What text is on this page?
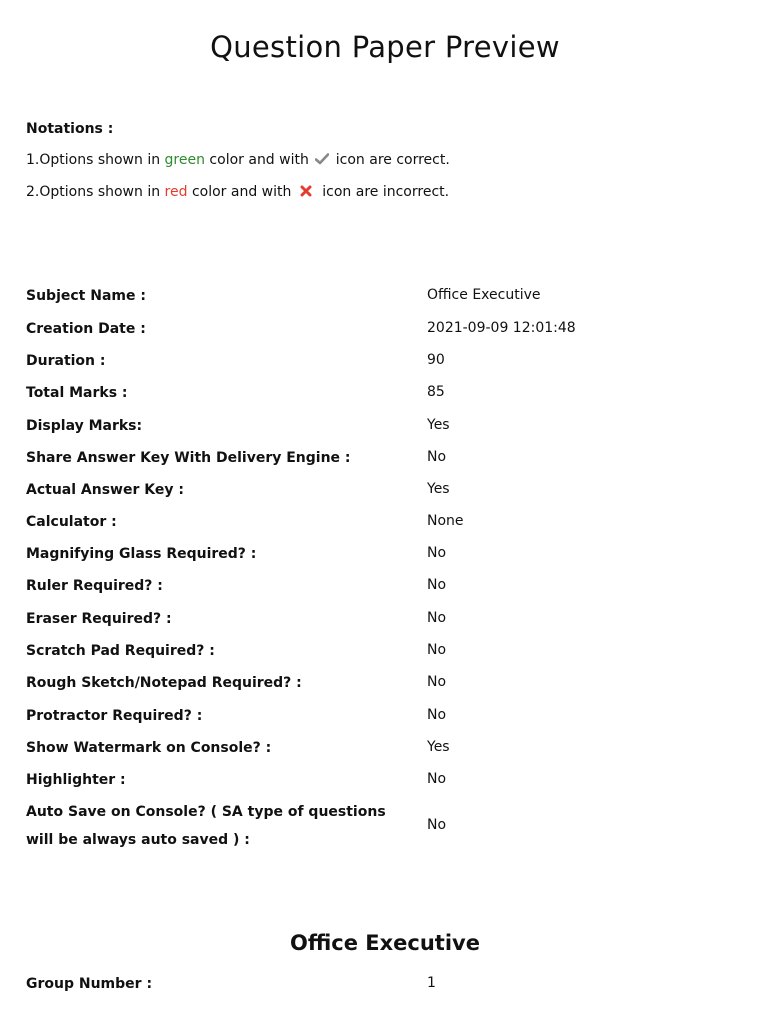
Question Paper Preview
Notations :
1.Options shown in green color and with  icon are correct.
2.Options shown in red color and with  icon are incorrect.
Subject Name :	Office Executive
Creation Date :	2021-09-09 12:01:48
Duration :	90
Total Marks :	85
Display Marks:	Yes
Share Answer Key With Delivery Engine :	No
Actual Answer Key :	Yes
Calculator :	None
Magnifying Glass Required? :	No
Ruler Required? :	No
Eraser Required? :	No
Scratch Pad Required? :	No
Rough Sketch/Notepad Required? :	No
Protractor Required? :	No
Show Watermark on Console? :	Yes
Highlighter :	No
Auto Save on Console? ( SA type of questions will be always auto saved ) :
No
Office Executive
Group Number :	1
